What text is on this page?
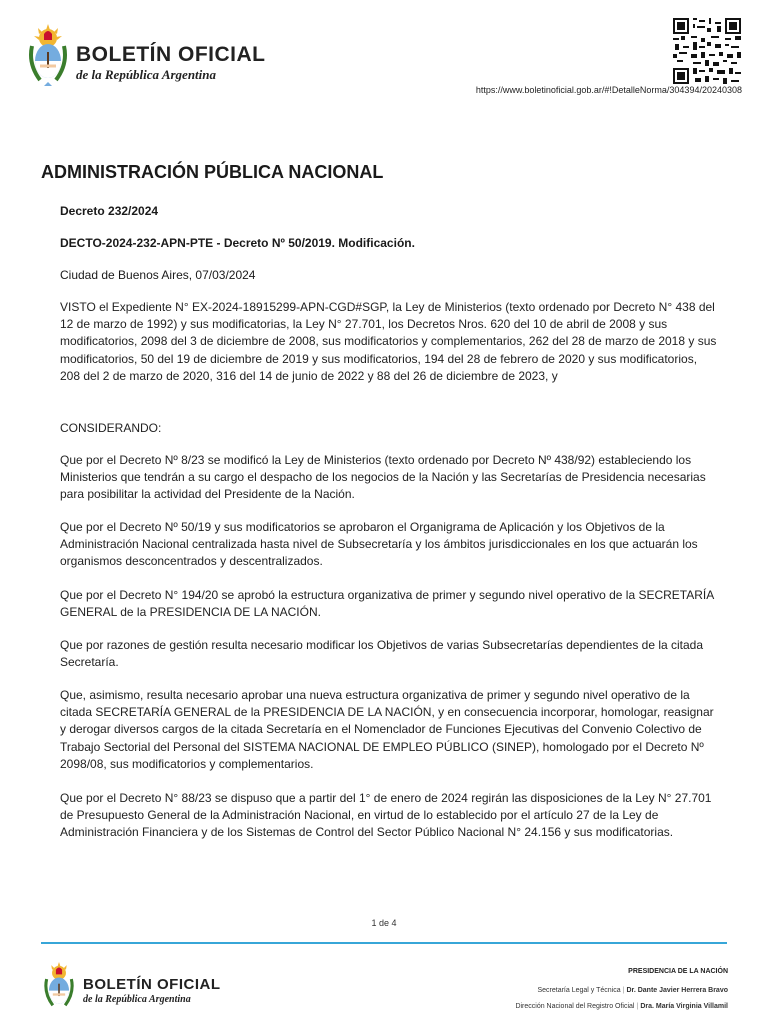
BOLETÍN OFICIAL
de la República Argentina
https://www.boletinoficial.gob.ar/#!DetalleNorma/304394/20240308
ADMINISTRACIÓN PÚBLICA NACIONAL
Decreto 232/2024
DECTO-2024-232-APN-PTE - Decreto Nº 50/2019. Modificación.
Ciudad de Buenos Aires, 07/03/2024

VISTO el Expediente N° EX-2024-18915299-APN-CGD#SGP, la Ley de Ministerios (texto ordenado por Decreto N° 438 del 12 de marzo de 1992) y sus modificatorias, la Ley N° 27.701, los Decretos Nros. 620 del 10 de abril de 2008 y sus modificatorios, 2098 del 3 de diciembre de 2008, sus modificatorios y complementarios, 262 del 28 de marzo de 2018 y sus modificatorios, 50 del 19 de diciembre de 2019 y sus modificatorios, 194 del 28 de febrero de 2020 y sus modificatorios, 208 del 2 de marzo de 2020, 316 del 14 de junio de 2022 y 88 del 26 de diciembre de 2023, y

CONSIDERANDO:

Que por el Decreto Nº 8/23 se modificó la Ley de Ministerios (texto ordenado por Decreto Nº 438/92) estableciendo los Ministerios que tendrán a su cargo el despacho de los negocios de la Nación y las Secretarías de Presidencia necesarias para posibilitar la actividad del Presidente de la Nación.

Que por el Decreto Nº 50/19 y sus modificatorios se aprobaron el Organigrama de Aplicación y los Objetivos de la Administración Nacional centralizada hasta nivel de Subsecretaría y los ámbitos jurisdiccionales en los que actuarán los organismos desconcentrados y descentralizados.

Que por el Decreto N° 194/20 se aprobó la estructura organizativa de primer y segundo nivel operativo de la SECRETARÍA GENERAL de la PRESIDENCIA DE LA NACIÓN.

Que por razones de gestión resulta necesario modificar los Objetivos de varias Subsecretarías dependientes de la citada Secretaría.

Que, asimismo, resulta necesario aprobar una nueva estructura organizativa de primer y segundo nivel operativo de la citada SECRETARÍA GENERAL de la PRESIDENCIA DE LA NACIÓN, y en consecuencia incorporar, homologar, reasignar y derogar diversos cargos de la citada Secretaría en el Nomenclador de Funciones Ejecutivas del Convenio Colectivo de Trabajo Sectorial del Personal del SISTEMA NACIONAL DE EMPLEO PÚBLICO (SINEP), homologado por el Decreto Nº 2098/08, sus modificatorios y complementarios.

Que por el Decreto N° 88/23 se dispuso que a partir del 1° de enero de 2024 regirán las disposiciones de la Ley N° 27.701 de Presupuesto General de la Administración Nacional, en virtud de lo establecido por el artículo 27 de la Ley de Administración Financiera y de los Sistemas de Control del Sector Público Nacional N° 24.156 y sus modificatorias.

1 de 4
BOLETÍN OFICIAL
de la República Argentina
PRESIDENCIA DE LA NACIÓN
Secretaría Legal y Técnica | Dr. Dante Javier Herrera Bravo
Dirección Nacional del Registro Oficial | Dra. María Virginia Villamil
